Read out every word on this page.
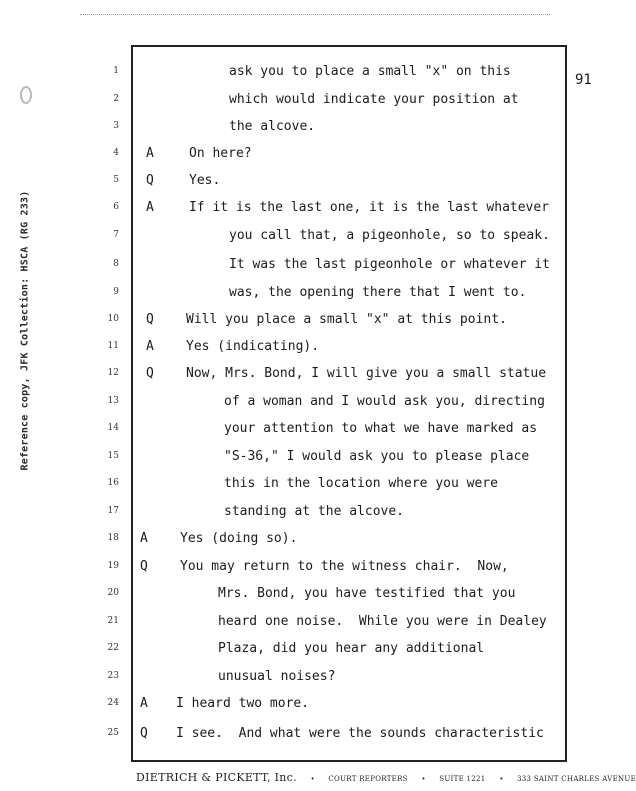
Reference copy, JFK Collection: HSCA (RG 233)
91
1	ask you to place a small "x" on this
2	which would indicate your position at
3	the alcove.
4 A	On here?
5 Q	Yes.
6 A	If it is the last one, it is the last whatever
7	you call that, a pigeonhole, so to speak.
8	It was the last pigeonhole or whatever it
9	was, the opening there that I went to.
10 Q Will you place a small "x" at this point.
11 A Yes (indicating).
12 Q Now, Mrs. Bond, I will give you a small statue
13	of a woman and I would ask you, directing
14	your attention to what we have marked as
15	"S-36," I would ask you to please place
16	this in the location where you were
17	standing at the alcove.
18 A Yes (doing so).
19 Q You may return to the witness chair.  Now,
20	Mrs. Bond, you have testified that you
21	heard one noise.  While you were in Dealey
22	Plaza, did you hear any additional
23	unusual noises?
24 A I heard two more.
25 Q I see.  And what were the sounds characteristic
DIETRICH & PICKETT, Inc. • COURT REPORTERS • SUITE 1221 • 333 SAINT CHARLES AVENUE
